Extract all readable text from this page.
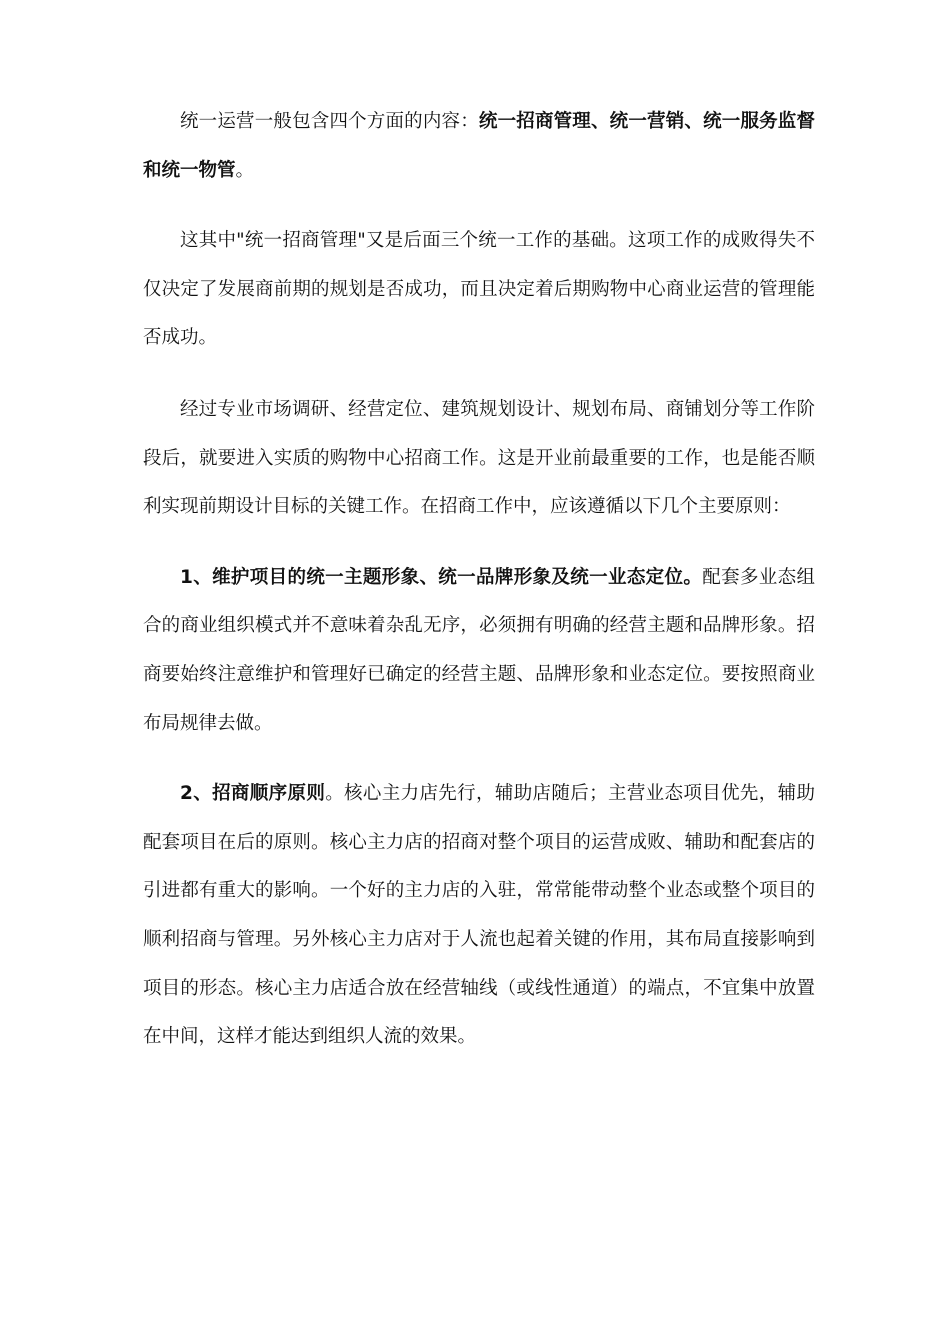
统一运营一般包含四个方面的内容：统一招商管理、统一营销、统一服务监督和统一物管。

这其中"统一招商管理"又是后面三个统一工作的基础。这项工作的成败得失不仅决定了发展商前期的规划是否成功，而且决定着后期购物中心商业运营的管理能否成功。

经过专业市场调研、经营定位、建筑规划设计、规划布局、商铺划分等工作阶段后，就要进入实质的购物中心招商工作。这是开业前最重要的工作，也是能否顺利实现前期设计目标的关键工作。在招商工作中，应该遵循以下几个主要原则：

1、维护项目的统一主题形象、统一品牌形象及统一业态定位。配套多业态组合的商业组织模式并不意味着杂乱无序，必须拥有明确的经营主题和品牌形象。招商要始终注意维护和管理好已确定的经营主题、品牌形象和业态定位。要按照商业布局规律去做。

2、招商顺序原则。核心主力店先行，辅助店随后；主营业态项目优先，辅助配套项目在后的原则。核心主力店的招商对整个项目的运营成败、辅助和配套店的引进都有重大的影响。一个好的主力店的入驻，常常能带动整个业态或整个项目的顺利招商与管理。另外核心主力店对于人流也起着关键的作用，其布局直接影响到项目的形态。核心主力店适合放在经营轴线（或线性通道）的端点，不宜集中放置在中间，这样才能达到组织人流的效果。
